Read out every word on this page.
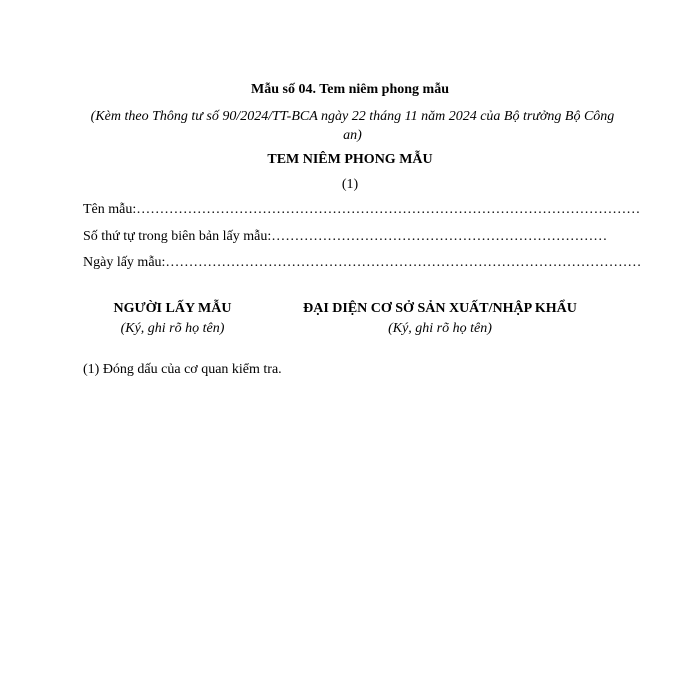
Mẫu số 04. Tem niêm phong mẫu
(Kèm theo Thông tư số 90/2024/TT-BCA ngày 22 tháng 11 năm 2024 của Bộ trưởng Bộ Công an)
TEM NIÊM PHONG MẪU
(1)
Tên mẫu:………………………………………………………………………………………………
Số thứ tự trong biên bản lấy mẫu:………………………………………………………………
Ngày lấy mẫu:…………………………………………………………………………………………
NGƯỜI LẤY MẪU
(Ký, ghi rõ họ tên)
ĐẠI DIỆN CƠ SỞ SẢN XUẤT/NHẬP KHẨU
(Ký, ghi rõ họ tên)
(1) Đóng dấu của cơ quan kiểm tra.
